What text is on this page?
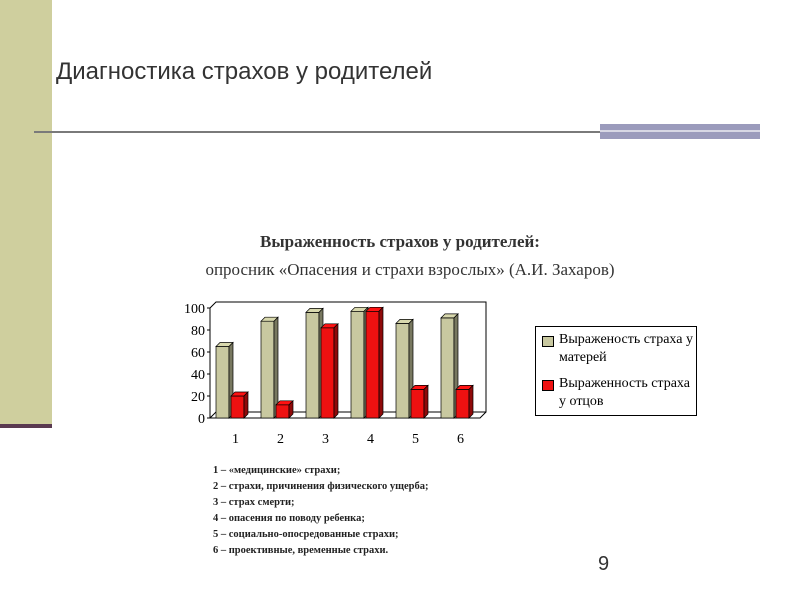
Диагностика страхов у родителей
Выраженность страхов у родителей:
опросник «Опасения и страхи взрослых» (А.И. Захаров)
0
20
40
60
80
100
1	2	3	4	5	6
Выраженость страха у матерей
Выраженность страха у отцов
1 – «медицинские» страхи;
2 – страхи, причинения физического ущерба;
3 – страх смерти;
4 – опасения по поводу ребенка;
5 – социально-опосредованные страхи;
6 – проективные, временные страхи.
9
